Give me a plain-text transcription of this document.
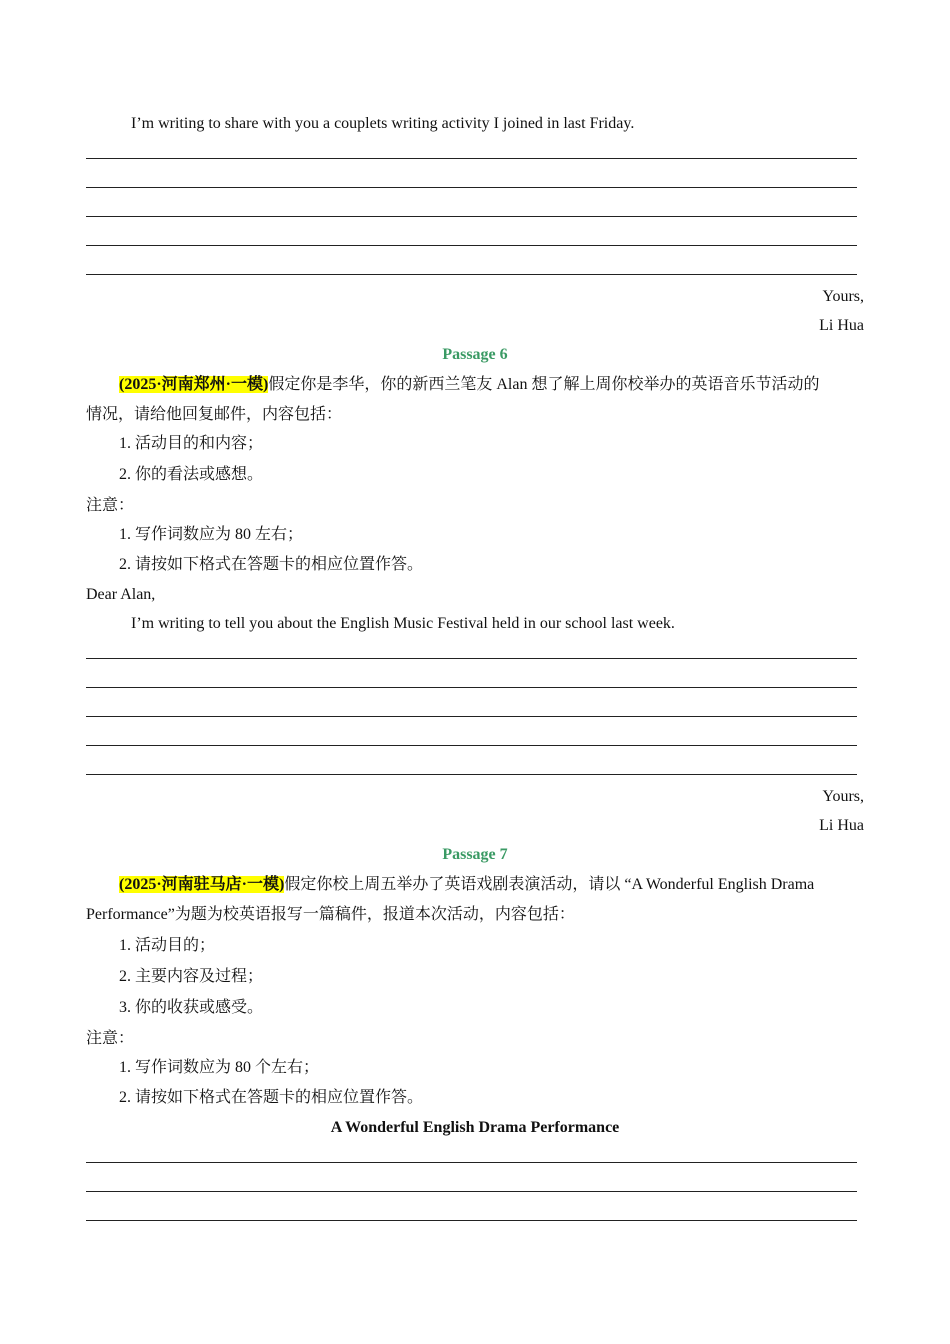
I’m writing to share with you a couplets writing activity I joined in last Friday.
Yours,
Li Hua
Passage 6
(2025·河南郑州·一模)假定你是李华，你的新西兰笔友 Alan 想了解上周你校举办的英语音乐节活动的
情况，请给他回复邮件，内容包括：
1. 活动目的和内容；
2. 你的看法或感想。
注意：
1. 写作词数应为 80 左右；
2. 请按如下格式在答题卡的相应位置作答。
Dear Alan,
I’m writing to tell you about the English Music Festival held in our school last week.
Yours,
Li Hua
Passage 7
(2025·河南驻马店·一模)假定你校上周五举办了英语戏剧表演活动，请以 “A Wonderful English Drama
Performance”为题为校英语报写一篇稿件，报道本次活动，内容包括：
1. 活动目的；
2. 主要内容及过程；
3. 你的收获或感受。
注意：
1. 写作词数应为 80 个左右；
2. 请按如下格式在答题卡的相应位置作答。
A Wonderful English Drama Performance
